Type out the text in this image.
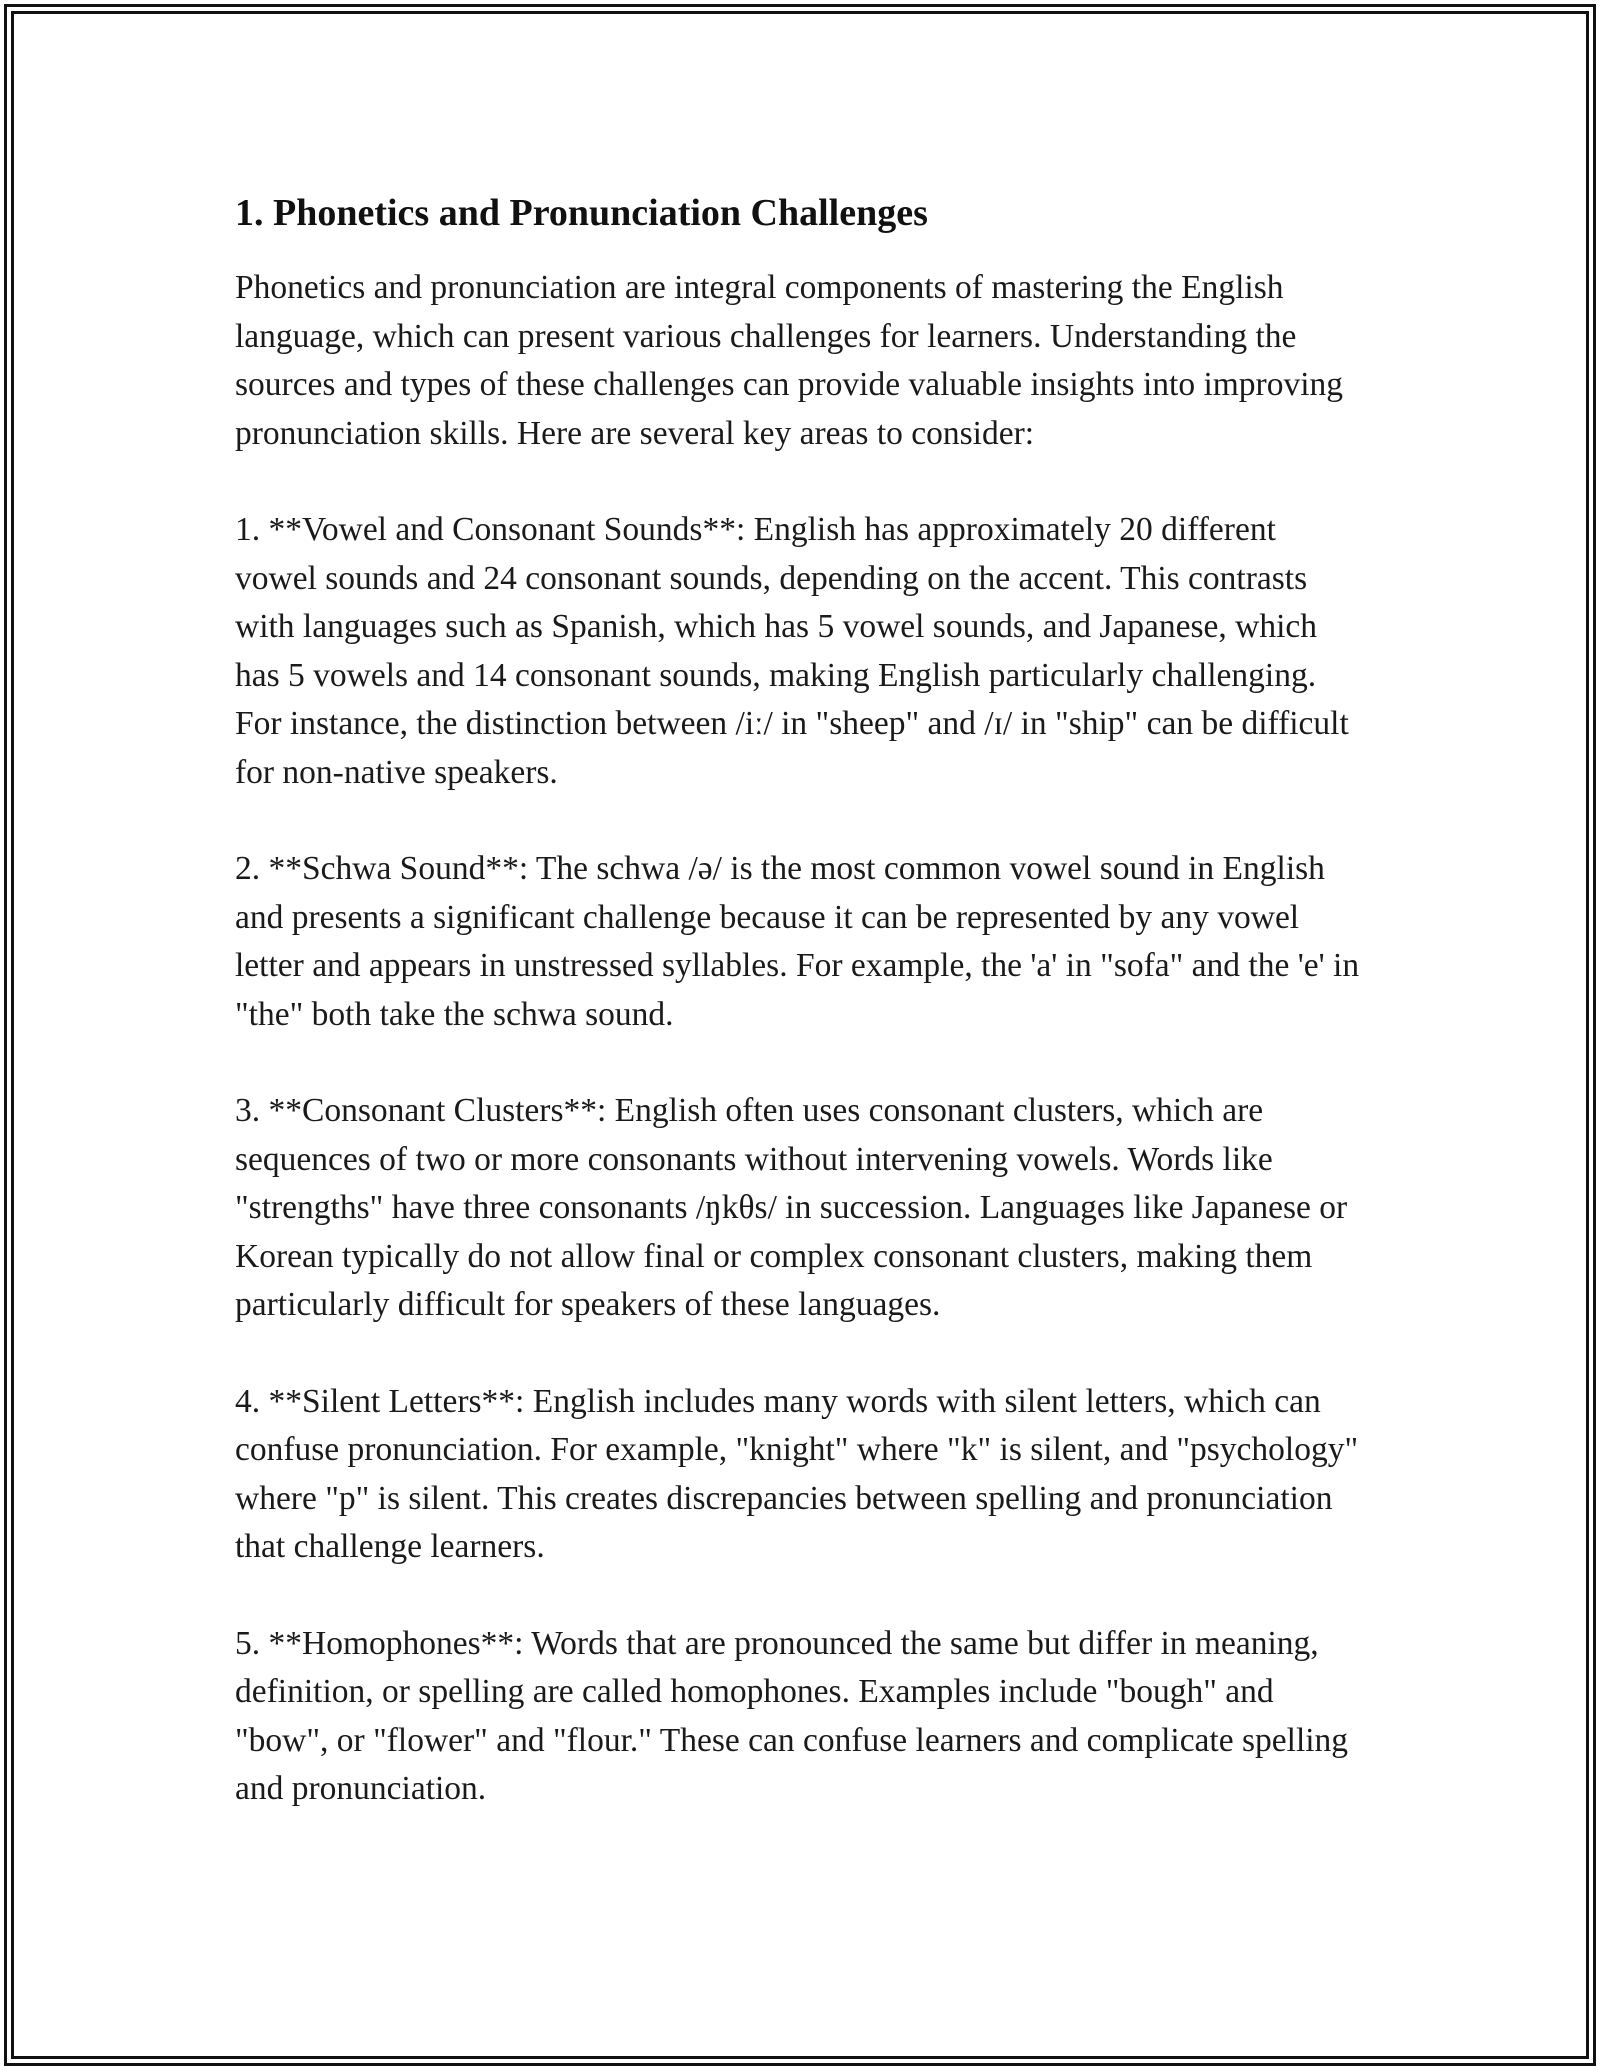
1. Phonetics and Pronunciation Challenges

Phonetics and pronunciation are integral components of mastering the English language, which can present various challenges for learners. Understanding the sources and types of these challenges can provide valuable insights into improving pronunciation skills. Here are several key areas to consider:

1. **Vowel and Consonant Sounds**: English has approximately 20 different vowel sounds and 24 consonant sounds, depending on the accent. This contrasts with languages such as Spanish, which has 5 vowel sounds, and Japanese, which has 5 vowels and 14 consonant sounds, making English particularly challenging. For instance, the distinction between /iː/ in "sheep" and /ɪ/ in "ship" can be difficult for non-native speakers.

2. **Schwa Sound**: The schwa /ə/ is the most common vowel sound in English and presents a significant challenge because it can be represented by any vowel letter and appears in unstressed syllables. For example, the 'a' in "sofa" and the 'e' in "the" both take the schwa sound.

3. **Consonant Clusters**: English often uses consonant clusters, which are sequences of two or more consonants without intervening vowels. Words like "strengths" have three consonants /ŋkθs/ in succession. Languages like Japanese or Korean typically do not allow final or complex consonant clusters, making them particularly difficult for speakers of these languages.

4. **Silent Letters**: English includes many words with silent letters, which can confuse pronunciation. For example, "knight" where "k" is silent, and "psychology" where "p" is silent. This creates discrepancies between spelling and pronunciation that challenge learners.

5. **Homophones**: Words that are pronounced the same but differ in meaning, definition, or spelling are called homophones. Examples include "bough" and "bow", or "flower" and "flour." These can confuse learners and complicate spelling and pronunciation.
